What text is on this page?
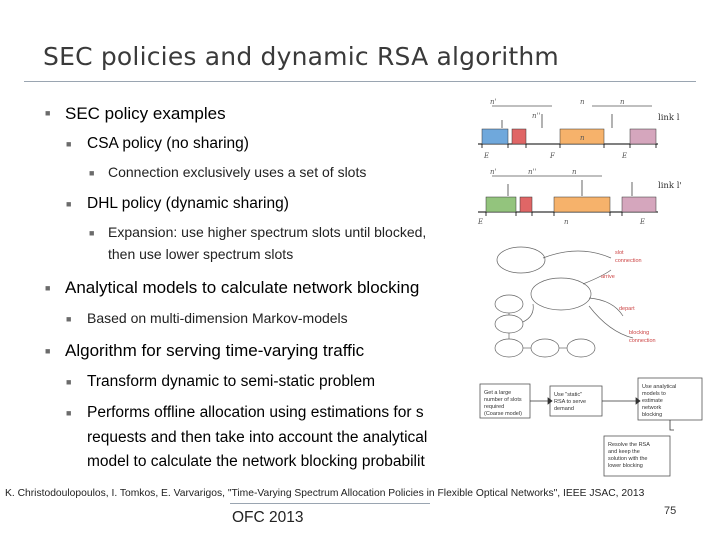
SEC policies and dynamic RSA algorithm
■ SEC policy examples
■ CSA policy (no sharing)
■ Connection exclusively uses a set of slots
■ DHL policy (dynamic sharing)
■ Expansion: use higher spectrum slots until blocked,
then use lower spectrum slots
■ Analytical models to calculate network blocking
■ Based on multi-dimension Markov-models
■ Algorithm for serving time-varying traffic
■ Transform dynamic to semi-static problem
■ Performs offline allocation using estimations for s
requests and then take into account the analytical
model to calculate the network blocking probabilit
n'
n''
n	n
E	F	E
n
link l
n'	n''	n
E	n	E
link l'
slot
connection
arrive
depart
blocking
connection
Get a large
number of slots
required
(Coarse model)
Use "static"
RSA to serve
demand
Use analytical
models to
estimate
network
blocking
Resolve the RSA
and keep the
solution with the
lower blocking
K. Christodoulopoulos, I. Tomkos, E. Varvarigos, "Time-Varying Spectrum Allocation Policies in Flexible Optical Networks", IEEE JSAC, 2013
OFC 2013	75
